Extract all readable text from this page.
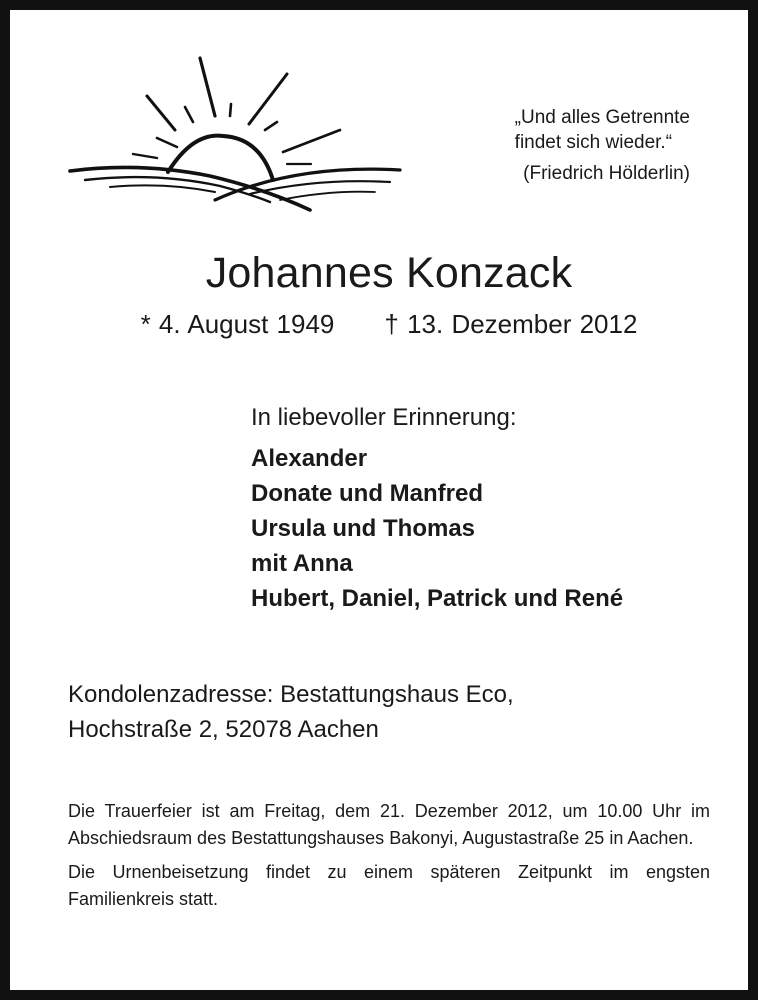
„Und alles Getrennte
findet sich wieder.“
(Friedrich Hölderlin)
Johannes Konzack
* 4. August 1949 † 13. Dezember 2012
In liebevoller Erinnerung:
Alexander
Donate und Manfred
Ursula und Thomas
mit Anna
Hubert, Daniel, Patrick und René
Kondolenzadresse: Bestattungshaus Eco,
Hochstraße 2, 52078 Aachen

Die Trauerfeier ist am Freitag, dem 21. Dezember 2012, um 10.00 Uhr im Abschiedsraum des Bestattungshauses Bakonyi, Augustastraße 25 in Aachen.

Die Urnenbeisetzung findet zu einem späteren Zeitpunkt im engsten Familienkreis statt.
